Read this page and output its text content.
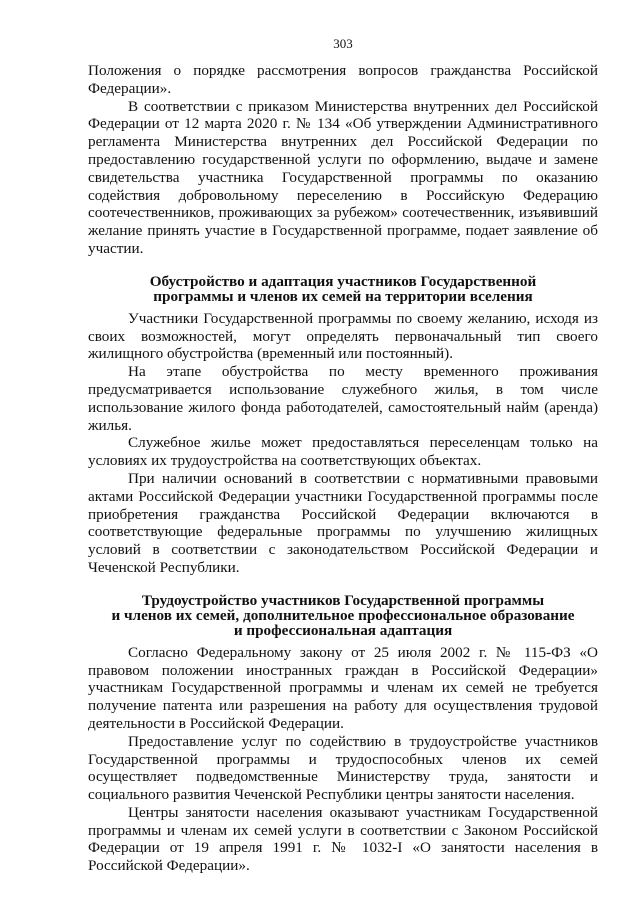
303

Положения о порядке рассмотрения вопросов гражданства Российской Федерации».

В соответствии с приказом Министерства внутренних дел Российской Федерации от 12 марта 2020 г. № 134 «Об утверждении Административного регламента Министерства внутренних дел Российской Федерации по предоставлению государственной услуги по оформлению, выдаче и замене свидетельства участника Государственной программы по оказанию содействия добровольному переселению в Российскую Федерацию соотечественников, проживающих за рубежом» соотечественник, изъявивший желание принять участие в Государственной программе, подает заявление об участии.

Обустройство и адаптация участников Государственной
программы и членов их семей на территории вселения

Участники Государственной программы по своему желанию, исходя из своих возможностей, могут определять первоначальный тип своего жилищного обустройства (временный или постоянный).

На этапе обустройства по месту временного проживания предусматривается использование служебного жилья, в том числе использование жилого фонда работодателей, самостоятельный найм (аренда) жилья.

Служебное жилье может предоставляться переселенцам только на условиях их трудоустройства на соответствующих объектах.

При наличии оснований в соответствии с нормативными правовыми актами Российской Федерации участники Государственной программы после приобретения гражданства Российской Федерации включаются в соответствующие федеральные программы по улучшению жилищных условий в соответствии с законодательством Российской Федерации и Чеченской Республики.

Трудоустройство участников Государственной программы
и членов их семей, дополнительное профессиональное образование
и профессиональная адаптация

Согласно Федеральному закону от 25 июля 2002 г. № 115-ФЗ «О правовом положении иностранных граждан в Российской Федерации» участникам Государственной программы и членам их семей не требуется получение патента или разрешения на работу для осуществления трудовой деятельности в Российской Федерации.

Предоставление услуг по содействию в трудоустройстве участников Государственной программы и трудоспособных членов их семей осуществляет подведомственные Министерству труда, занятости и социального развития Чеченской Республики центры занятости населения.

Центры занятости населения оказывают участникам Государственной программы и членам их семей услуги в соответствии с Законом Российской Федерации от 19 апреля 1991 г. № 1032-I «О занятости населения в Российской Федерации».
